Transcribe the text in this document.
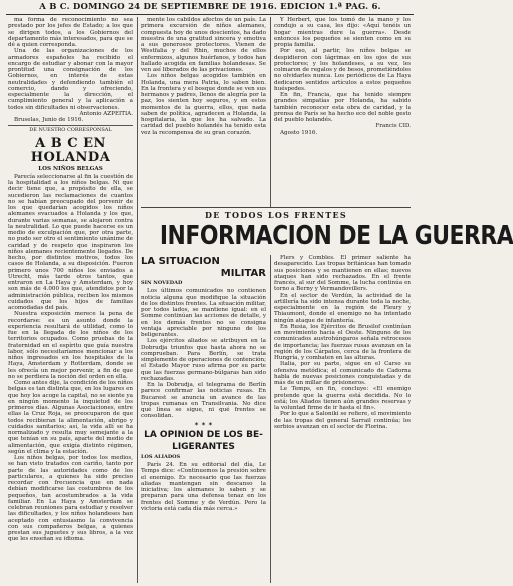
A B C. DOMINGO 24 DE SEPTIEMBRE DE 1916. EDICION 1.ª PAG. 6.

ma forma de reconocimiento no sea prestado por los jefes de Estado; a los que se dirigen todos, a los Gobiernos del departamento más interesados, para que se dé a quien corresponda.

Una de las organizaciones de los armadores españoles ha recibido el encargo de estudiar y abonar con la mayor prontitud una consignación de los Gobiernos, en interés de estas neutralidades y defendiendo también el comercio, dando y ofreciendo, especialmente la dirección, el cumplimiento general y la aplicación a todos sin dificultades ni observaciones.

Antonio AZPEITIA.

Bruselas, Junio de 1916.

DE NUESTRO CORRESPONSAL

A B C EN HOLANDA
LOS NIÑOS BELGAS

Parecía seleccionarse al fin la cuestión de la hospitalidad a los niños belgas. Ni que decir tiene que, a propósito de ella, se sucedieron las reclamaciones de cuantos no se habían preocupado del porvenir de los que quedarían acogidos los niños alemanes evacuados a Holanda y los que, durante varias semanas, se alojaron contra la neutralidad. Lo que puede hacerse es un medio de exculpación que, por otra parte, no pudo ser otro el sentimiento unánime de caridad y de respeto que inspiraron los niños alemanes recientemente llegados. De hecho, por distintos motivos, todos los casos de Holanda, a su disposición. Fueron primero unos 700 niños los enviados a Utrecht, más tarde otros tantos, que entraron en La Haya y Amsterdam, y hoy son más de 4.000 los que, atendidos por la administración pública, reciben los mismos cuidados que los hijos de familias acomodadas del país.

Nuestra exposición merece la pena de recordarse: es un asunto donde la experiencia resultará de utilidad, como lo fue en la llegada de los niños de los territorios ocupados. Como pruebas de la fraternidad en el espíritu que guía nuestra labor, sólo necesitaríamos mencionar a los niños ingresados en los hospitales de la Haya, Amsterdam y Rotterdam, donde se les ofrecía un mejor porvenir, a fin de que no se perdiera la noción del orden en ella.

Como antes dije, la condición de los niños belgas es tan distinta que, en los lugares en que hoy los acoge la capital, no se siente ya en ningún momento la inquietud de los primeros días. Algunas Asociaciones, entre ellas la Cruz Roja, se preocuparon de que todos recibieran la alimentación, abrigo y cuidados sanitarios; así, la vida allí se ha normalizado y resulta muy semejante a la que tenían en su país, aparte del medio de alimentación, que exigía distinto régimen, según el clima y la estación.

Los niños belgas, por todos los medios, se han visto tratados con cariño, tanto por parte de las autoridades como de los particulares, a quienes ha sido preciso recordar con frecuencia que en nada debían modificarse las costumbres de los pequeños, tan acostumbrados a la vida familiar. En La Haya y Amsterdam se celebran reuniones para estudiar y resolver las dificultades, y los niños holandeses han aceptado con entusiasmo la convivencia con sus compañeros belgas, a quienes prestan sus juguetes y sus libros, a la vez que les enseñan su idioma.

mente los cabildos afectos de un país. La primera excursión de niños alemanes, compuesta hoy de unos doscientos, ha dado muestra de una gratitud sincera y emotiva a sus generosos protectores. Vienen de Westfalia y del Rhin, muchos de ellos enfermizos, algunos huérfanos, y todos han hallado acogida en familias holandesas. Se ven así liberados de las privaciones.

Los niños belgas acogidos también en Holanda, una mera Patria, lo saben bien. En la frontera y el bosque donde se ven sus hermanos y padres, llenos de alegría por la paz, los sienten hoy seguros, y en estos momentos de la guerra, ellos, que nada saben de política, agradecen a Holanda, la hospitalaria, la que les ha salvado. La caridad del pueblo holandés ha tenido esta vez la recompensa de su gran corazón.

Y Herbert, que los tomó de la mano y los condujo a su casa, les dijo: «Aquí tenéis un hogar mientras dure la guerra». Desde entonces los pequeños se sienten como en su propia familia.

Por eso, al partir, los niños belgas se despidieron con lágrimas en los ojos de sus protectores; y los holandeses, a su vez, les colmaron de regalos y de besos, prometiéndoles no olvidarles nunca. Los periódicos de La Haya dedicaron sentidos artículos a estos pequeños huéspedes.

En fin, Francia, que ha tenido siempre grandes simpatías por Holanda, ha sabido también reconocer esta obra de caridad, y la prensa de París se ha hecho eco del noble gesto del pueblo holandés.

Francis CID.

Agosto 1916.

DE TODOS LOS FRENTES
INFORMACION DE LA GUERRA
LA SITUACION
MILITAR
SIN NOVEDAD

Los últimos comunicados no contienen noticia alguna que modifique la situación de los distintos frentes. La situación militar, por todos lados, se mantiene igual: en el Somme continúan las acciones de detalle, y en los demás frentes no se consigna ventaja apreciable por ninguno de los beligerantes.

Los ejércitos aliados se atribuyen en la Dobrudja triunfos que hasta ahora no se comprueban. Para Berlín, se trata simplemente de operaciones de contención; el Estado Mayor ruso afirma por su parte que las fuerzas germano-búlgaras han sido rechazadas.

En la Dobrudja, el telegrama de Berlín parece confirmar las noticias rusas. En Bucarest se anuncia un avance de las tropas rumanas en Transilvania. No dice qué línea se sigue, ni qué frentes se consolidan.

✶ ✶ ✶
LA OPINION DE LOS BE-
LIGERANTES
LOS ALIADOS

París 24. En su editorial del día, Le Temps dice: «Continuemos la presión sobre el enemigo. Es necesario que las fuerzas aliadas mantengan sin descanso la iniciativa; los alemanes lo saben y se preparan para una defensa tenaz en los frentes del Somme y de Verdún. Pero la victoria está cada día más cerca.»

Flers y Combles. El primer saliente ha desaparecido. Las tropas británicas han tomado sus posiciones y se mantienen en ellas; nuevos ataques han sido rechazados. En el frente francés, al sur del Somme, la lucha continúa en torno a Berny y Vermandovillers.

En el sector de Verdún, la actividad de la artillería ha sido intensa durante toda la noche, especialmente en la región de Fleury y Thiaumont, donde el enemigo no ha intentado ningún ataque de infantería.

En Rusia, los Ejércitos de Brusilof continúan en movimiento hacia el Oeste. Ninguno de los comunicados austrohúngaros señala retrocesos de importancia; las fuerzas rusas avanzan en la región de los Cárpatos, cerca de la frontera de Hungría, y combaten en las alturas.

Italia, por su parte, sigue en el Carso su ofensiva metódica; el comunicado de Cadorna habla de nuevas posiciones conquistadas y de más de un millar de prisioneros.

Le Temps, en fin, concluye: «El enemigo pretende que la guerra está decidida. No lo está; los Aliados tienen aún grandes reservas y la voluntad firme de ir hasta el fin».

Por lo que a Saloniki se refiere, el movimiento de las tropas del general Sarrail continúa; los serbios avanzan en el sector de Florina.
